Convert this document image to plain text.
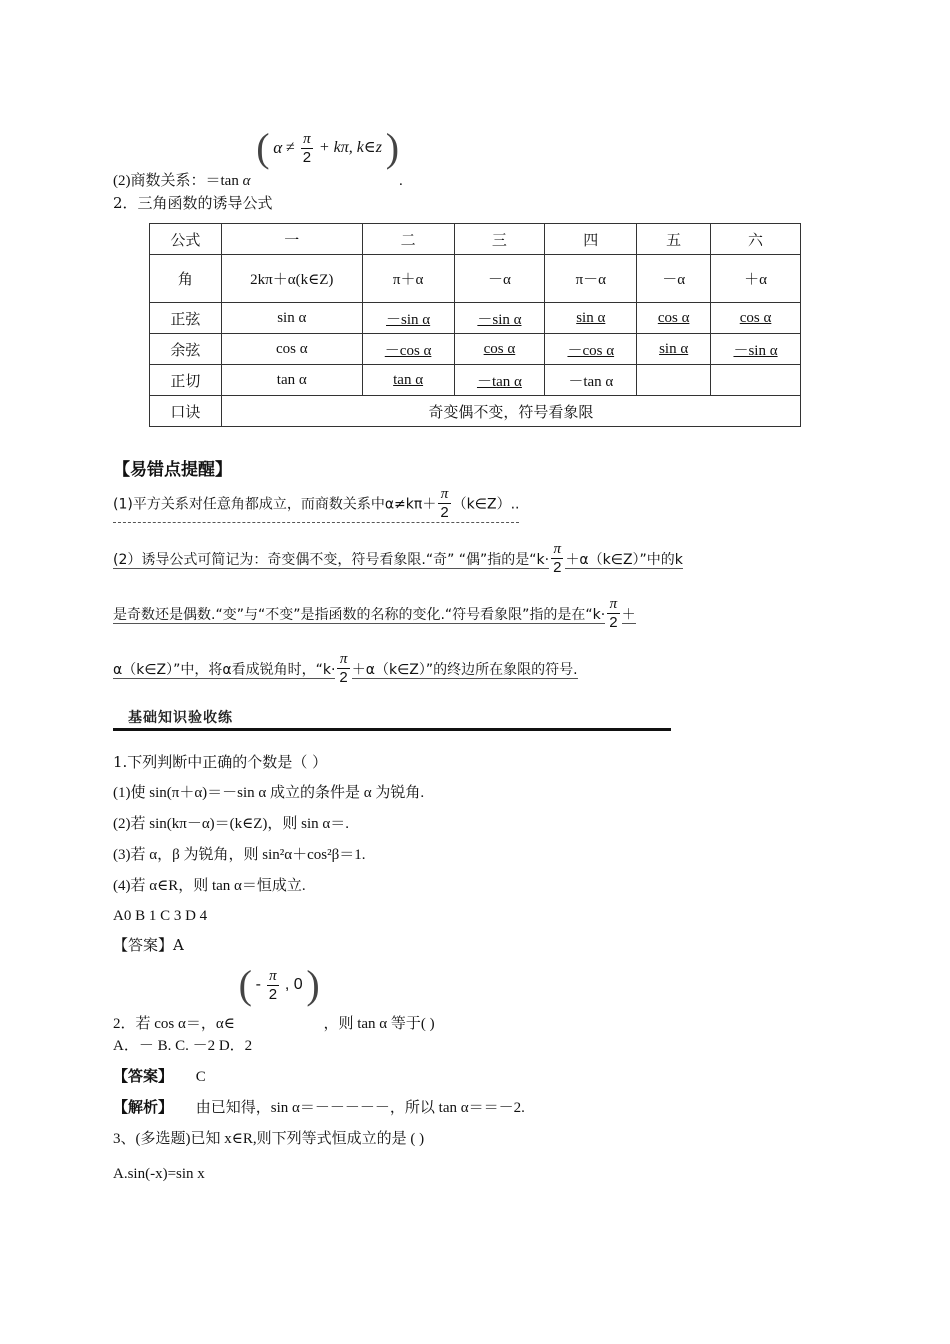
(2)商数关系：＝tan α ( $\alpha \ne \frac{\pi}{2} + k\pi$, k∈z ).
2．三角函数的诱导公式
公式	一	二	三	四	五	六
角	2kπ＋α(k∈Z)	π＋α	－α	π－α	－α	＋α
正弦	sin α	－sin α	－sin α	sin α	cos α	cos α
余弦	cos α	－cos α	cos α	－cos α	sin α	－sin α
正切	tan α	tan α	－tan α	－tan α		
口诀	奇变偶不变，符号看象限					
【易错点提醒】
(1)平方关系对任意角都成立，而商数关系中$\alpha\ne k\pi+ \frac{\pi}{2}$ （k∈Z）..
(2）诱导公式可简记为：奇变偶不变，符号看象限.“奇” “偶”指的是“$k\cdot \frac{\pi}{2}$ ＋α（k∈Z）”中的k
是奇数还是偶数.“变”与“不变”是指函数的名称的变化.“符号看象限”指的是在“$k\cdot \frac{\pi}{2}$ ＋
α（k∈Z）”中，将α看成锐角时，“$k\cdot \frac{\pi}{2}$ ＋α（k∈Z）”的终边所在象限的符号.
基础知识验收练
1.下列判断中正确的个数是（ ）
(1)使 sin(π＋α)＝－sin α 成立的条件是 α 为锐角.
(2)若 sin(kπ－α)＝(k∈Z)，则 sin α＝.
(3)若 α，β 为锐角，则 sin²α＋cos²β＝1.
(4)若 α∈R，则 tan α＝恒成立.
A0 B 1 C 3 D 4
【答案】A
2．若 cos α＝，α∈ ( - $\frac{\pi}{2}$ , 0 ) ，则 tan α 等于( )
A．－ B. C. －2 D．2
【答案】 C
【解析】 由已知得，sin α＝－－－－－，所以 tan α＝＝－2.
3、(多选题)已知 x∈R,则下列等式恒成立的是 ( )
A.sin(-x)=sin x
